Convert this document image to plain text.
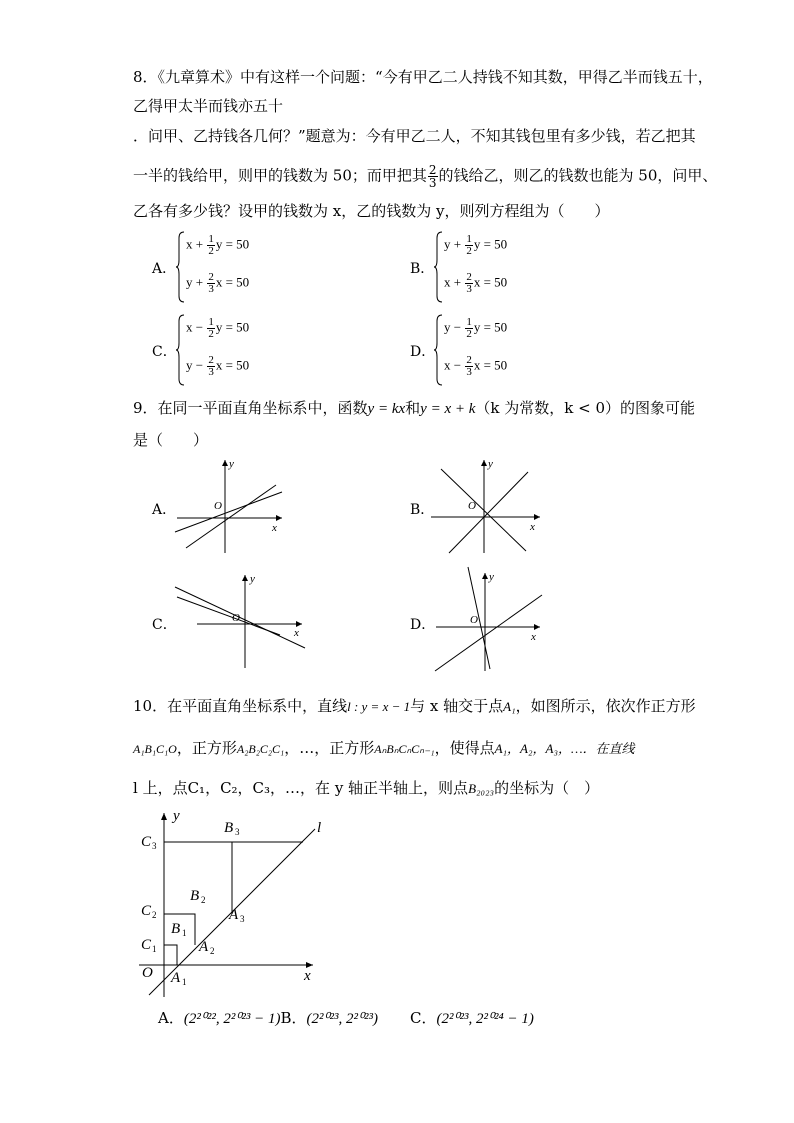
8．《九章算术》中有这样一个问题：“今有甲乙二人持钱不知其数，甲得乙半而钱五十，
乙得甲太半而钱亦五十
．问甲、乙持钱各几何？”题意为：今有甲乙二人，不知其钱包里有多少钱，若乙把其
一半的钱给甲，则甲的钱数为 50；而甲把其 $\frac{2}{3}$ 的钱给乙，则乙的钱数也能为 50，问甲、
乙各有多少钱？设甲的钱数为 x，乙的钱数为 y，则列方程组为（　　）
A．
$x + \frac{1}{2}$ y = 50
$y + \frac{2}{3}$ x = 50
B．
$y + \frac{1}{2}$ y = 50
$x + \frac{2}{3}$ x = 50
C．
$x - \frac{1}{2}$ y = 50
$y - \frac{2}{3}$ x = 50
D．
$y - \frac{1}{2}$ y = 50
$x - \frac{2}{3}$ x = 50
9．在同一平面直角坐标系中，函数y = kx和y = x + k（k 为常数，k < 0）的图象可能
是（　　）
A．	O
x
y
B．	O
x
y
C．	O
x
y
D．	O
x
y
10．在平面直角坐标系中，直线l : y = x − 1与 x 轴交于点A₁，如图所示，依次作正方形
A₁B₁C₁O，正方形A₂B₂C₂C₁，…，正方形AₙBₙCₙCₙ₋₁，使得点A₁，A₂，A₃，…．在直线
l 上，点C₁，C₂，C₃，…，在 y 轴正半轴上，则点B₂₀₂₃的坐标为（　）
y
x
O
l
C 3
C 2
C 1
B 3
B 2
B 1
A 3
A 2
A 1
A．(2²⁰²², 2²⁰²³ − 1)B．(2²⁰²³, 2²⁰²³) C．(2²⁰²³, 2²⁰²⁴ − 1)
